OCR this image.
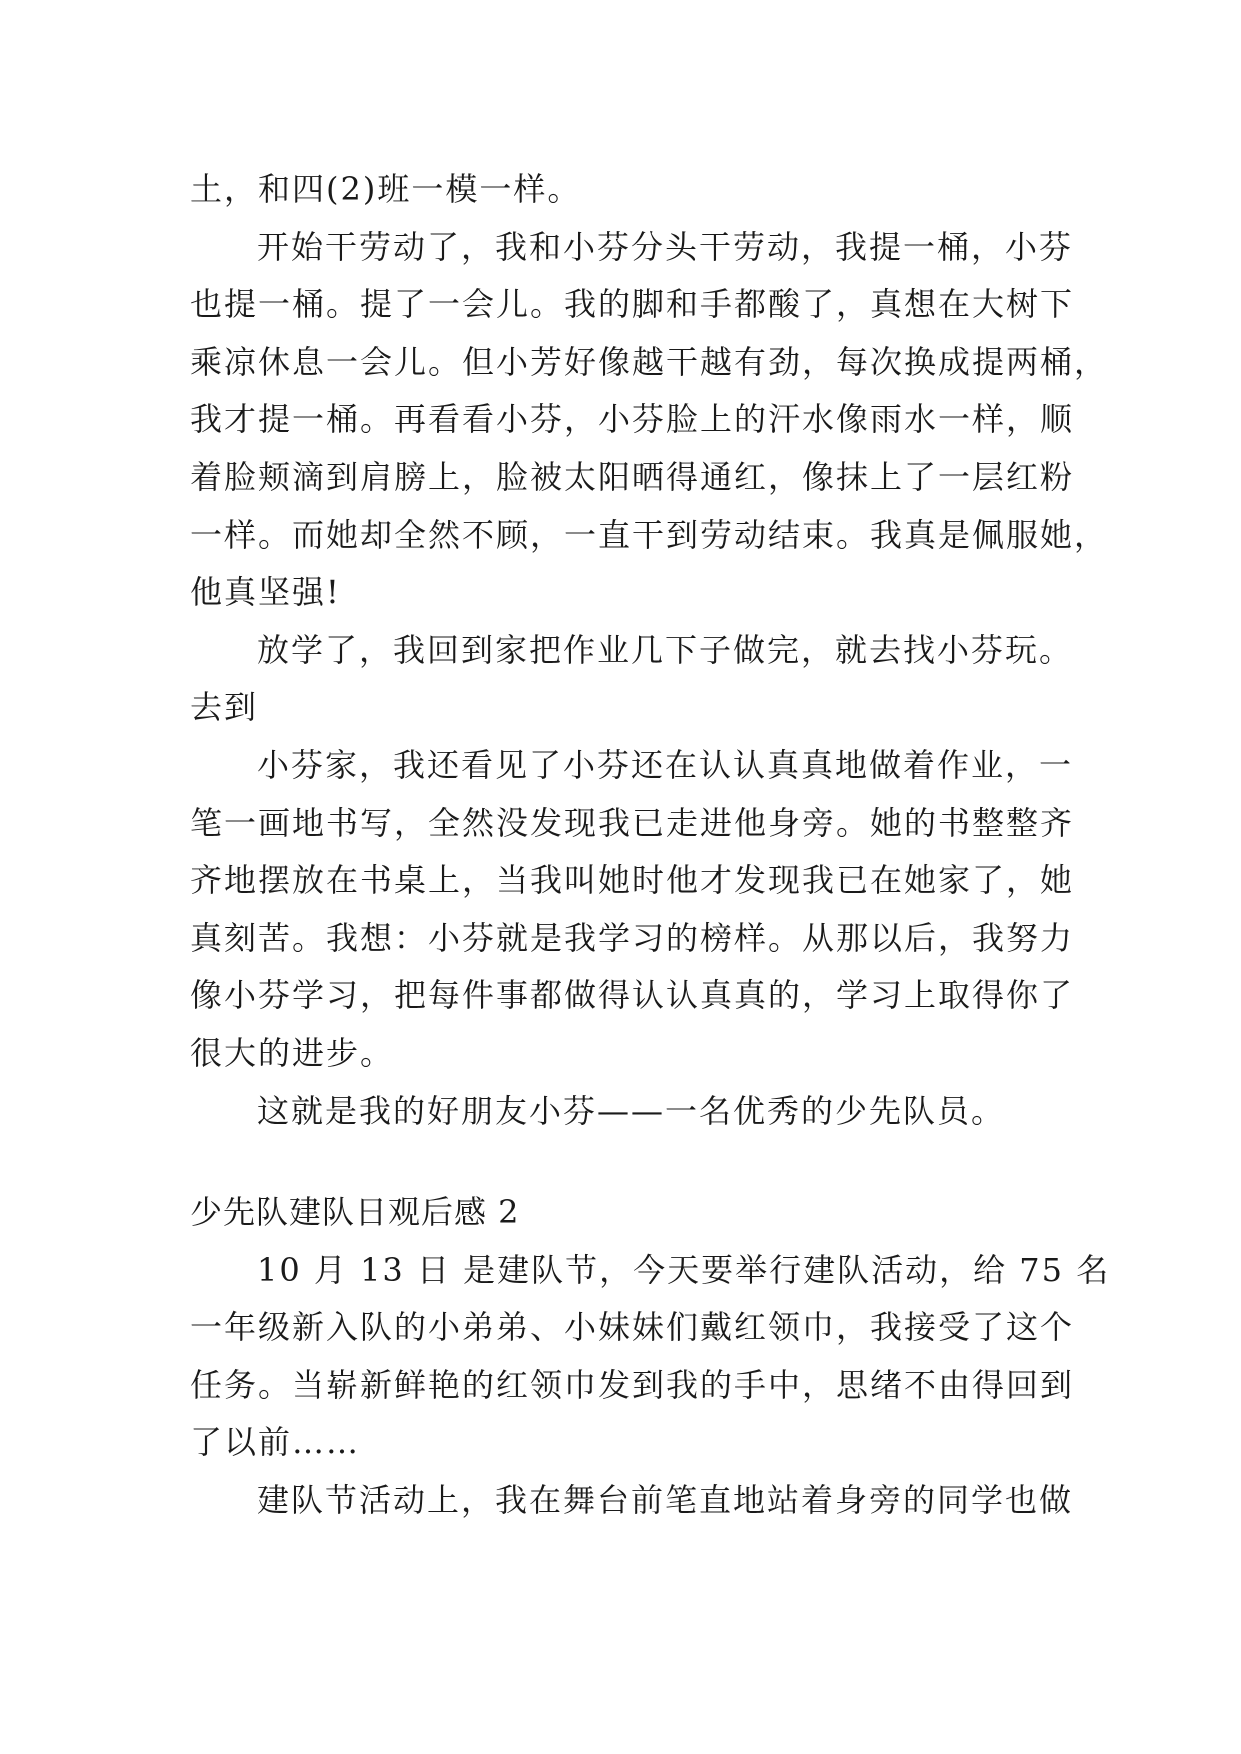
土，和四(2)班一模一样。
开始干劳动了，我和小芬分头干劳动，我提一桶，小芬
也提一桶。提了一会儿。我的脚和手都酸了，真想在大树下
乘凉休息一会儿。但小芳好像越干越有劲，每次换成提两桶，
我才提一桶。再看看小芬，小芬脸上的汗水像雨水一样，顺
着脸颊滴到肩膀上，脸被太阳晒得通红，像抹上了一层红粉
一样。而她却全然不顾，一直干到劳动结束。我真是佩服她，
他真坚强!
放学了，我回到家把作业几下子做完，就去找小芬玩。
去到
小芬家，我还看见了小芬还在认认真真地做着作业，一
笔一画地书写，全然没发现我已走进他身旁。她的书整整齐
齐地摆放在书桌上，当我叫她时他才发现我已在她家了，她
真刻苦。我想：小芬就是我学习的榜样。从那以后，我努力
像小芬学习，把每件事都做得认认真真的，学习上取得你了
很大的进步。
这就是我的好朋友小芬——一名优秀的少先队员。
少先队建队日观后感 2
10 月 13 日 是建队节，今天要举行建队活动，给 75 名
一年级新入队的小弟弟、小妹妹们戴红领巾，我接受了这个
任务。当崭新鲜艳的红领巾发到我的手中，思绪不由得回到
了以前……
建队节活动上，我在舞台前笔直地站着身旁的同学也做
